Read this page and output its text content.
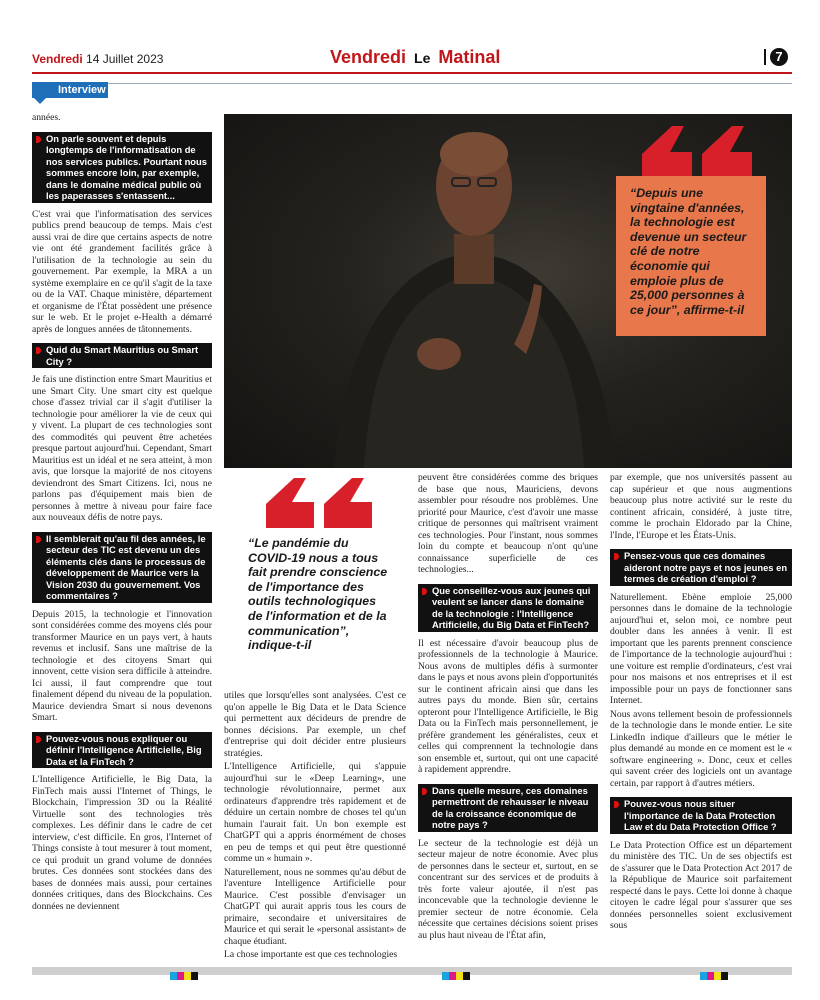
Vendredi 14 Juillet 2023	Vendredi Le Matinal	7
Interview

années.

On parle souvent et depuis longtemps de l'informatisation de nos services publics. Pourtant nous sommes encore loin, par exemple, dans le domaine médical public où les paperasses s'entassent...

C'est vrai que l'informatisation des services publics prend beaucoup de temps. Mais c'est aussi vrai de dire que certains aspects de notre vie ont été grandement facilités grâce à l'utilisation de la technologie au sein du gouvernement. Par exemple, la MRA a un système exemplaire en ce qu'il s'agit de la taxe ou de la VAT. Chaque ministère, département et organisme de l'État possèdent une présence sur le web. Et le projet e-Health a démarré après de longues années de tâtonnements.

Quid du Smart Mauritius ou Smart City ?

Je fais une distinction entre Smart Mauritius et une Smart City. Une smart city est quelque chose d'assez trivial car il s'agit d'utiliser la technologie pour améliorer la vie de ceux qui y vivent. La plupart de ces technologies sont des commodités qui peuvent être achetées presque partout aujourd'hui. Cependant, Smart Mauritius est un idéal et ne sera atteint, à mon avis, que lorsque la majorité de nos citoyens deviendront des Smart Citizens. Ici, nous ne parlons pas d'équipement mais bien de personnes à mettre à niveau pour faire face aux nouveaux défis de notre pays.

Il semblerait qu'au fil des années, le secteur des TIC est devenu un des éléments clés dans le processus de développement de Maurice vers la Vision 2030 du gouvernement. Vos commentaires ?

Depuis 2015, la technologie et l'innovation sont considérées comme des moyens clés pour transformer Maurice en un pays vert, à hauts revenus et inclusif. Sans une maîtrise de la technologie et des citoyens Smart qui innovent, cette vision sera difficile à atteindre. Ici aussi, il faut comprendre que tout finalement dépend du niveau de la population. Maurice deviendra Smart si nous devenons Smart.

Pouvez-vous nous expliquer ou définir l'Intelligence Artificielle, Big Data et la FinTech ?

L'Intelligence Artificielle, le Big Data, la FinTech mais aussi l'Internet of Things, le Blockchain, l'impression 3D ou la Réalité Virtuelle sont des technologies très complexes. Les définir dans le cadre de cet interview, c'est difficile. En gros, l'Internet of Things consiste à tout mesurer à tout moment, ce qui produit un grand volume de données brutes. Ces données sont stockées dans des bases de données mais aussi, pour certaines données critiques, dans des Blockchains. Ces données ne deviennent

“Depuis une vingtaine d'années, la technologie est devenue un secteur clé de notre économie qui emploie plus de 25,000 personnes à ce jour”, affirme-t-il
“Le pandémie du COVID-19 nous a tous fait prendre conscience de l'importance des outils technologiques de l'information et de la communication”, indique-t-il

utiles que lorsqu'elles sont analysées. C'est ce qu'on appelle le Big Data et le Data Science qui permettent aux décideurs de prendre de bonnes décisions. Par exemple, un chef d'entreprise qui doit décider entre plusieurs stratégies.

L'Intelligence Artificielle, qui s'appuie aujourd'hui sur le «Deep Learning», une technologie révolutionnaire, permet aux ordinateurs d'apprendre très rapidement et de déduire un certain nombre de choses tel qu'un humain l'aurait fait. Un bon exemple est ChatGPT qui a appris énormément de choses en peu de temps et qui peut être questionné comme un « humain ».

Naturellement, nous ne sommes qu'au début de l'aventure Intelligence Artificielle pour Maurice. C'est possible d'envisager un ChatGPT qui aurait appris tous les cours de primaire, secondaire et universitaires de Maurice et qui serait le «personal assistant» de chaque étudiant.

La chose importante est que ces technologies

peuvent être considérées comme des briques de base que nous, Mauriciens, devons assembler pour résoudre nos problèmes. Une priorité pour Maurice, c'est d'avoir une masse critique de personnes qui maîtrisent vraiment ces technologies. Pour l'instant, nous sommes loin du compte et beaucoup n'ont qu'une connaissance superficielle de ces technologies...

Que conseillez-vous aux jeunes qui veulent se lancer dans le domaine de la technologie : l'Intelligence Artificielle, du Big Data et FinTech?

Il est nécessaire d'avoir beaucoup plus de professionnels de la technologie à Maurice. Nous avons de multiples défis à surmonter dans le pays et nous avons plein d'opportunités sur le continent africain ainsi que dans les autres pays du monde. Bien sûr, certains opteront pour l'Intelligence Artificielle, le Big Data ou la FinTech mais personnellement, je préfère grandement les généralistes, ceux et celles qui comprennent la technologie dans son ensemble et, surtout, qui ont une capacité à rapidement apprendre.

Dans quelle mesure, ces domaines permettront de rehausser le niveau de la croissance économique de notre pays ?

Le secteur de la technologie est déjà un secteur majeur de notre économie. Avec plus de personnes dans le secteur et, surtout, en se concentrant sur des services et de produits à très forte valeur ajoutée, il n'est pas inconcevable que la technologie devienne le premier secteur de notre économie. Cela nécessite que certaines décisions soient prises au plus haut niveau de l'État afin,

par exemple, que nos universités passent au cap supérieur et que nous augmentions beaucoup plus notre activité sur le reste du continent africain, considéré, à juste titre, comme le prochain Eldorado par la Chine, l'Inde, l'Europe et les États-Unis.

Pensez-vous que ces domaines aideront notre pays et nos jeunes en termes de création d'emploi ?

Naturellement. Ebène emploie 25,000 personnes dans le domaine de la technologie aujourd'hui et, selon moi, ce nombre peut doubler dans les années à venir. Il est important que les parents prennent conscience de l'importance de la technologie aujourd'hui : une voiture est remplie d'ordinateurs, c'est vrai pour nos maisons et nos entreprises et il est impossible pour un pays de fonctionner sans Internet.

Nous avons tellement besoin de professionnels de la technologie dans le monde entier. Le site LinkedIn indique d'ailleurs que le métier le plus demandé au monde en ce moment est le « software engineering ». Donc, ceux et celles qui savent créer des logiciels ont un avantage certain, par rapport à d'autres métiers.

Pouvez-vous nous situer l'importance de la Data Protection Law et du Data Protection Office ?

Le Data Protection Office est un département du ministère des TIC. Un de ses objectifs est de s'assurer que le Data Protection Act 2017 de la République de Maurice soit parfaitement respecté dans le pays. Cette loi donne à chaque citoyen le cadre légal pour s'assurer que ses données personnelles soient exclusivement sous
